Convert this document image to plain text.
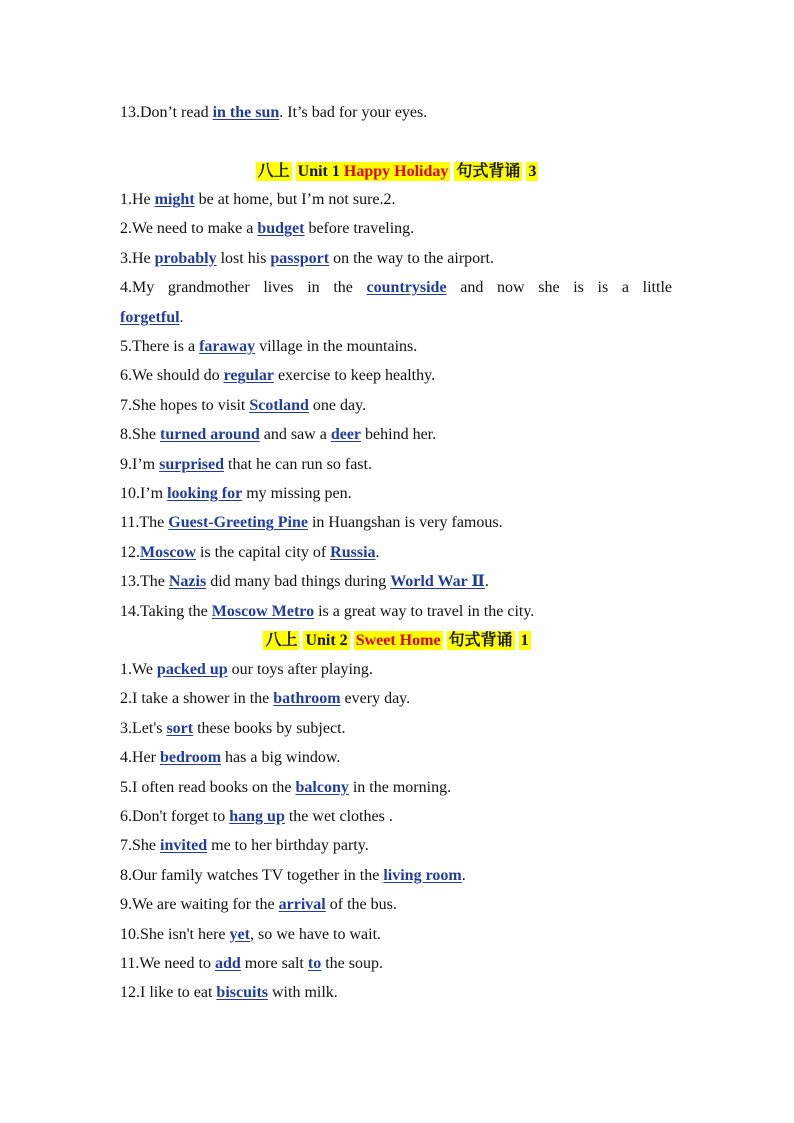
13.Don’t read in the sun. It’s bad for your eyes.
八上 Unit 1 Happy Holiday 句式背诵 3
1.He might be at home, but I’m not sure.2.
2.We need to make a budget before traveling.
3.He probably lost his passport on the way to the airport.
4.My grandmother lives in the countryside and now she is is a little
forgetful.
5.There is a faraway village in the mountains.
6.We should do regular exercise to keep healthy.
7.She hopes to visit Scotland one day.
8.She turned around and saw a deer behind her.
9.I’m surprised that he can run so fast.
10.I’m looking for my missing pen.
11.The Guest-Greeting Pine in Huangshan is very famous.
12.Moscow is the capital city of Russia.
13.The Nazis did many bad things during World War Ⅱ.
14.Taking the Moscow Metro is a great way to travel in the city.
八上 Unit 2 Sweet Home 句式背诵 1
1.We packed up our toys after playing.
2.I take a shower in the bathroom every day.
3.Let's sort these books by subject.
4.Her bedroom has a big window.
5.I often read books on the balcony in the morning.
6.Don't forget to hang up the wet clothes .
7.She invited me to her birthday party.
8.Our family watches TV together in the living room.
9.We are waiting for the arrival of the bus.
10.She isn't here yet, so we have to wait.
11.We need to add more salt to the soup.
12.I like to eat biscuits with milk.
